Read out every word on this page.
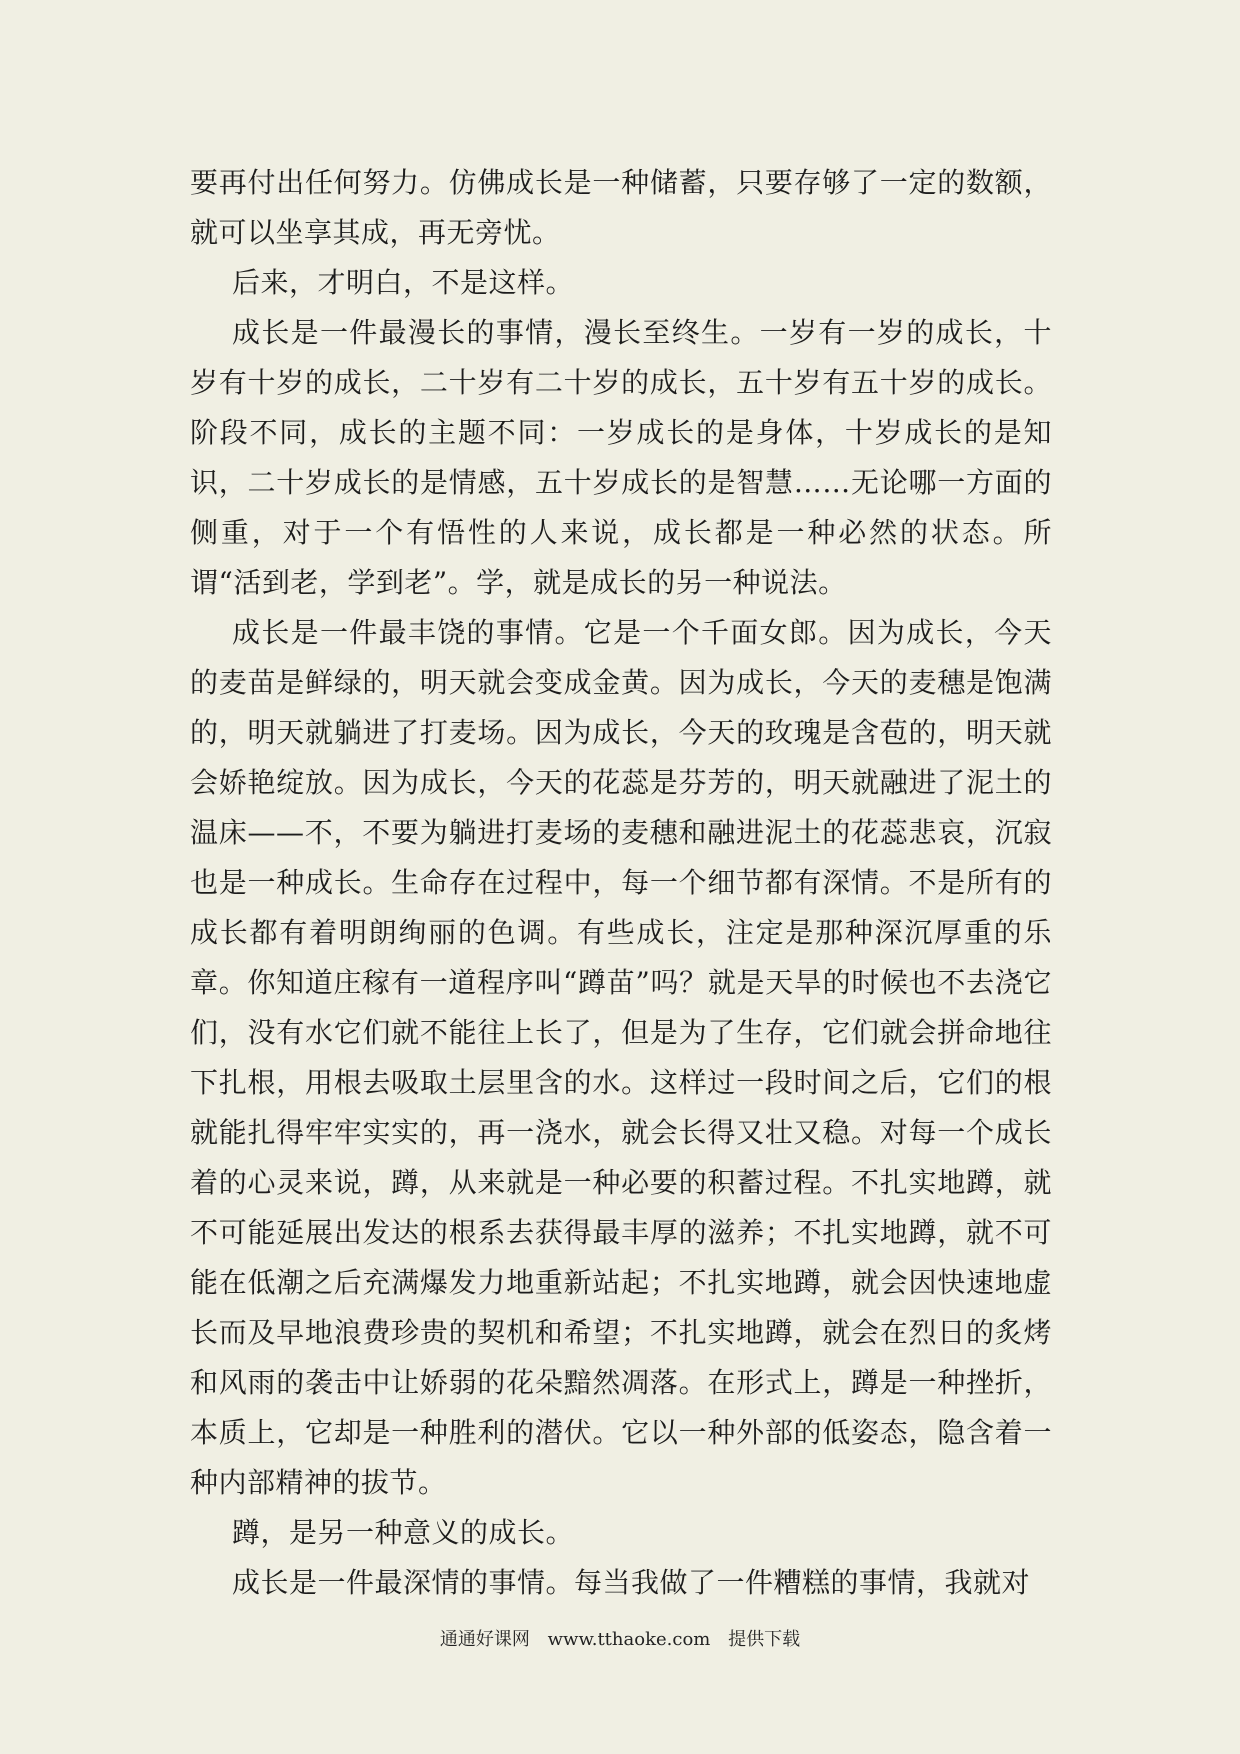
要再付出任何努力。仿佛成长是一种储蓄，只要存够了一定的数额，就可以坐享其成，再无旁忧。

后来，才明白，不是这样。

成长是一件最漫长的事情，漫长至终生。一岁有一岁的成长，十岁有十岁的成长，二十岁有二十岁的成长，五十岁有五十岁的成长。阶段不同，成长的主题不同：一岁成长的是身体，十岁成长的是知识，二十岁成长的是情感，五十岁成长的是智慧……无论哪一方面的侧重，对于一个有悟性的人来说，成长都是一种必然的状态。所谓“活到老，学到老”。学，就是成长的另一种说法。

成长是一件最丰饶的事情。它是一个千面女郎。因为成长，今天的麦苗是鲜绿的，明天就会变成金黄。因为成长，今天的麦穗是饱满的，明天就躺进了打麦场。因为成长，今天的玫瑰是含苞的，明天就会娇艳绽放。因为成长，今天的花蕊是芬芳的，明天就融进了泥土的温床——不，不要为躺进打麦场的麦穗和融进泥土的花蕊悲哀，沉寂也是一种成长。生命存在过程中，每一个细节都有深情。不是所有的成长都有着明朗绚丽的色调。有些成长，注定是那种深沉厚重的乐章。你知道庄稼有一道程序叫“蹲苗”吗？就是天旱的时候也不去浇它们，没有水它们就不能往上长了，但是为了生存，它们就会拼命地往下扎根，用根去吸取土层里含的水。这样过一段时间之后，它们的根就能扎得牢牢实实的，再一浇水，就会长得又壮又稳。对每一个成长着的心灵来说，蹲，从来就是一种必要的积蓄过程。不扎实地蹲，就不可能延展出发达的根系去获得最丰厚的滋养；不扎实地蹲，就不可能在低潮之后充满爆发力地重新站起；不扎实地蹲，就会因快速地虚长而及早地浪费珍贵的契机和希望；不扎实地蹲，就会在烈日的炙烤和风雨的袭击中让娇弱的花朵黯然凋落。在形式上，蹲是一种挫折，本质上，它却是一种胜利的潜伏。它以一种外部的低姿态，隐含着一种内部精神的拔节。

蹲，是另一种意义的成长。

成长是一件最深情的事情。每当我做了一件糟糕的事情，我就对

通通好课网 www.tthaoke.com 提供下载
